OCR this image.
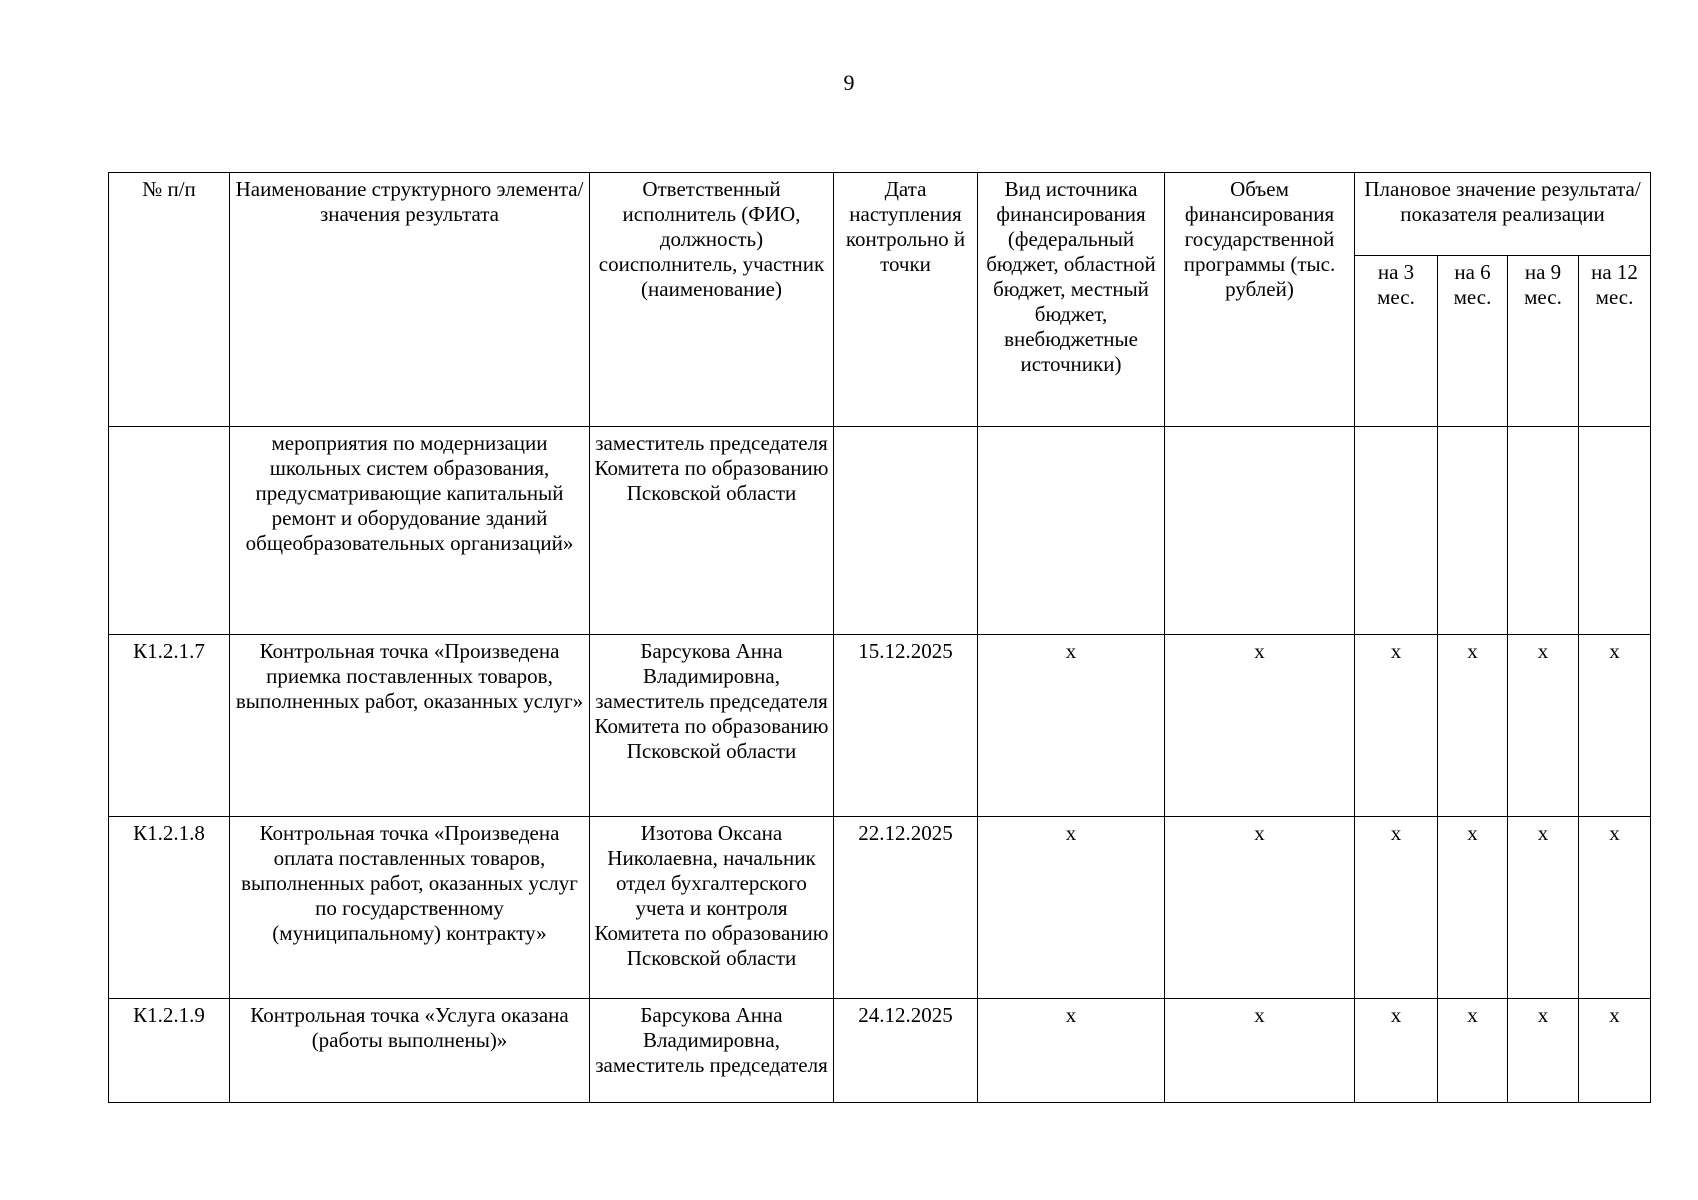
9
№ п/п	Наименование структурного элемента/ значения результата	Ответственный исполнитель (ФИО, должность) соисполнитель, участник (наименование)	Дата наступления контрольно й точки	Вид источника финансирования (федеральный бюджет, областной бюджет, местный бюджет, внебюджетные источники)	Объем финансирования государственной программы (тыс. рублей)	Плановое значение результата/показателя реализации			
						на 3 мес.	на 6 мес.	на 9 мес.	на 12 мес.
	мероприятия по модернизации школьных систем образования, предусматривающие капитальный ремонт и оборудование зданий общеобразовательных организаций»	заместитель председателя Комитета по образованию Псковской области							
К1.2.1.7	Контрольная точка «Произведена приемка поставленных товаров, выполненных работ, оказанных услуг»	Барсукова Анна Владимировна, заместитель председателя Комитета по образованию Псковской области	15.12.2025	x	x	x	x	x	x
К1.2.1.8	Контрольная точка «Произведена оплата поставленных товаров, выполненных работ, оказанных услуг по государственному (муниципальному) контракту»	Изотова Оксана Николаевна, начальник отдел бухгалтерского учета и контроля Комитета по образованию Псковской области	22.12.2025	x	x	x	x	x	x
К1.2.1.9	Контрольная точка «Услуга оказана (работы выполнены)»	Барсукова Анна Владимировна, заместитель председателя	24.12.2025	x	x	x	x	x	x
